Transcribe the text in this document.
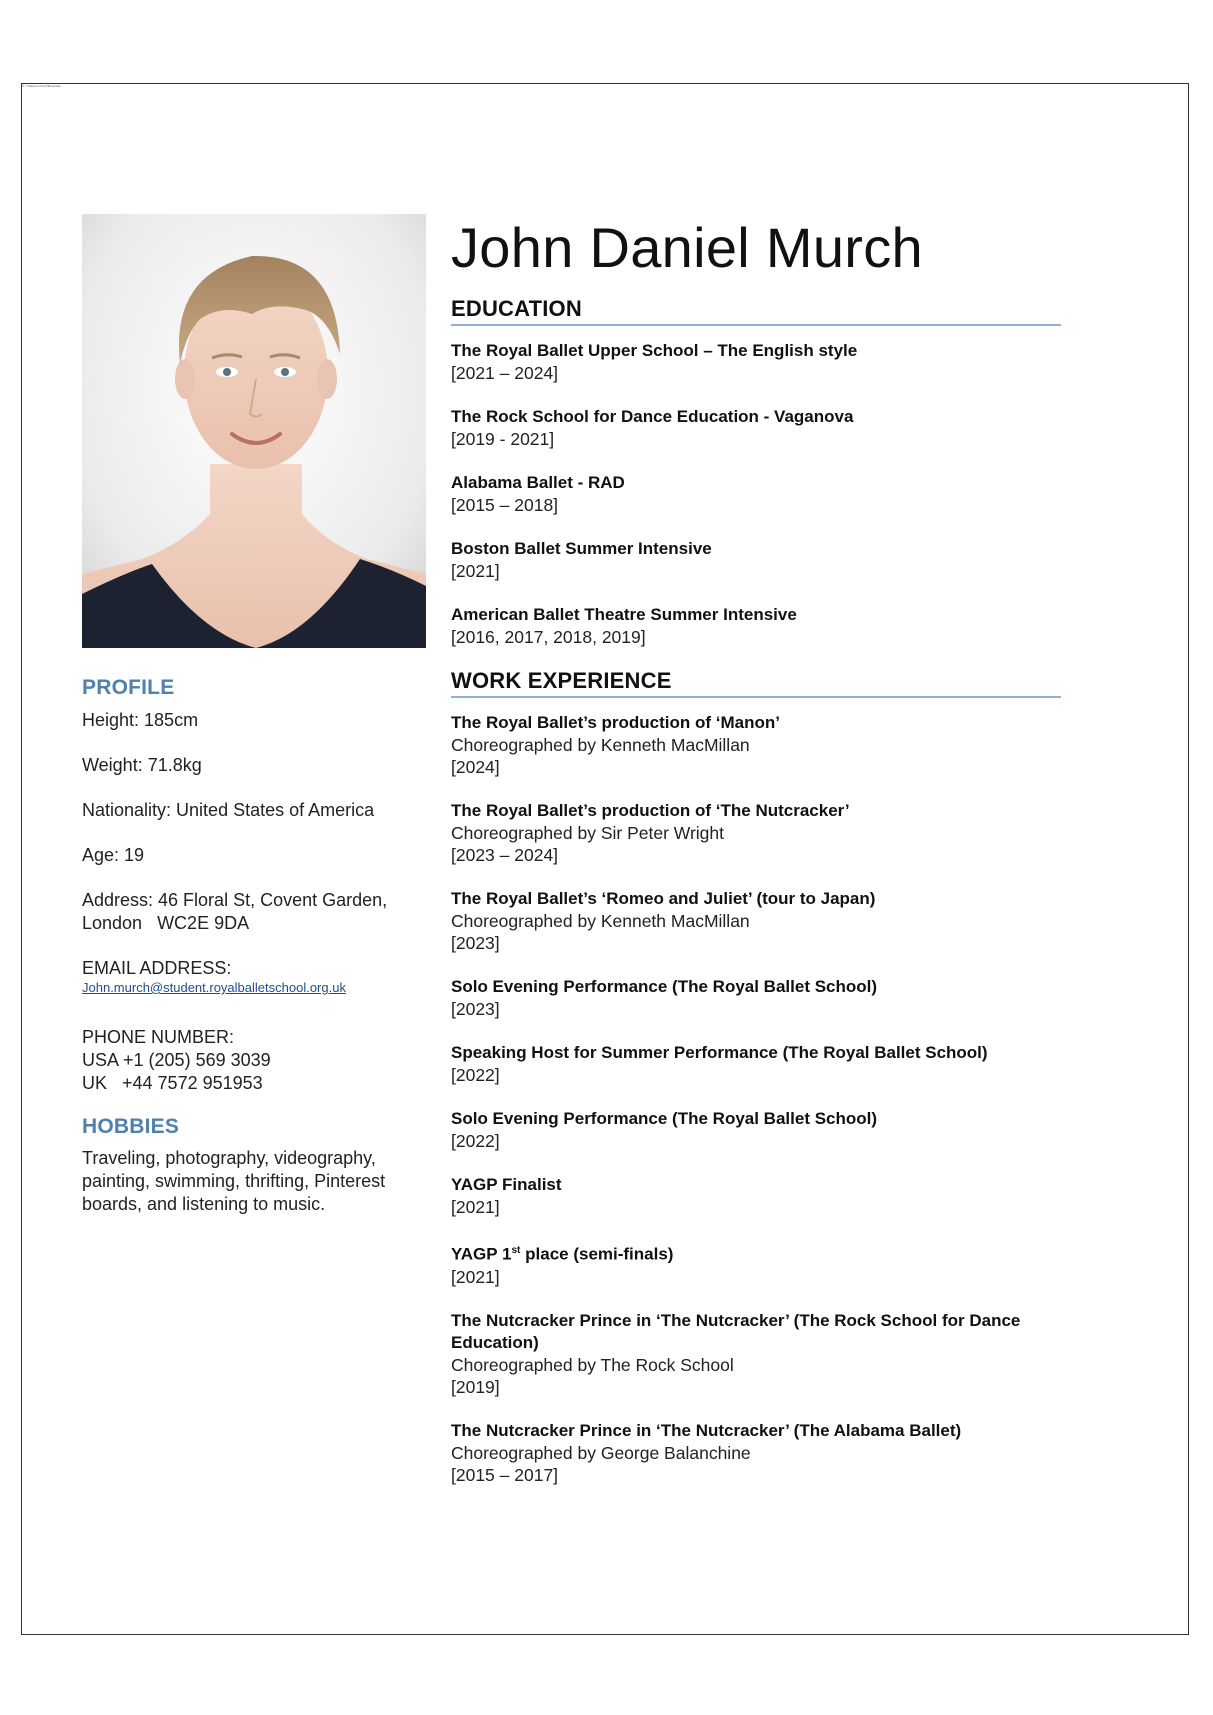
© TheDocumentTemplate
PROFILE

Height: 185cm

Weight: 71.8kg

Nationality: United States of America

Age: 19

Address: 46 Floral St, Covent Garden,

London   WC2E 9DA

EMAIL ADDRESS:

John.murch@student.royalballetschool.org.uk

PHONE NUMBER:

USA +1 (205) 569 3039

UK   +44 7572 951953

HOBBIES

Traveling, photography, videography, painting, swimming, thrifting, Pinterest boards, and listening to music.

John Daniel Murch
EDUCATION
The Royal Ballet Upper School – The English style
[2021 – 2024]
The Rock School for Dance Education - Vaganova
[2019 - 2021]
Alabama Ballet - RAD
[2015 – 2018]
Boston Ballet Summer Intensive
[2021]
American Ballet Theatre Summer Intensive
[2016, 2017, 2018, 2019]
WORK EXPERIENCE
The Royal Ballet’s production of ‘Manon’
Choreographed by Kenneth MacMillan
[2024]
The Royal Ballet’s production of ‘The Nutcracker’
Choreographed by Sir Peter Wright
[2023 – 2024]
The Royal Ballet’s ‘Romeo and Juliet’ (tour to Japan)
Choreographed by Kenneth MacMillan
[2023]
Solo Evening Performance (The Royal Ballet School)
[2023]
Speaking Host for Summer Performance (The Royal Ballet School)
[2022]
Solo Evening Performance (The Royal Ballet School)
[2022]
YAGP Finalist
[2021]
YAGP 1st place (semi-finals)
[2021]
The Nutcracker Prince in ‘The Nutcracker’ (The Rock School for Dance Education)
Choreographed by The Rock School
[2019]
The Nutcracker Prince in ‘The Nutcracker’ (The Alabama Ballet)
Choreographed by George Balanchine
[2015 – 2017]
